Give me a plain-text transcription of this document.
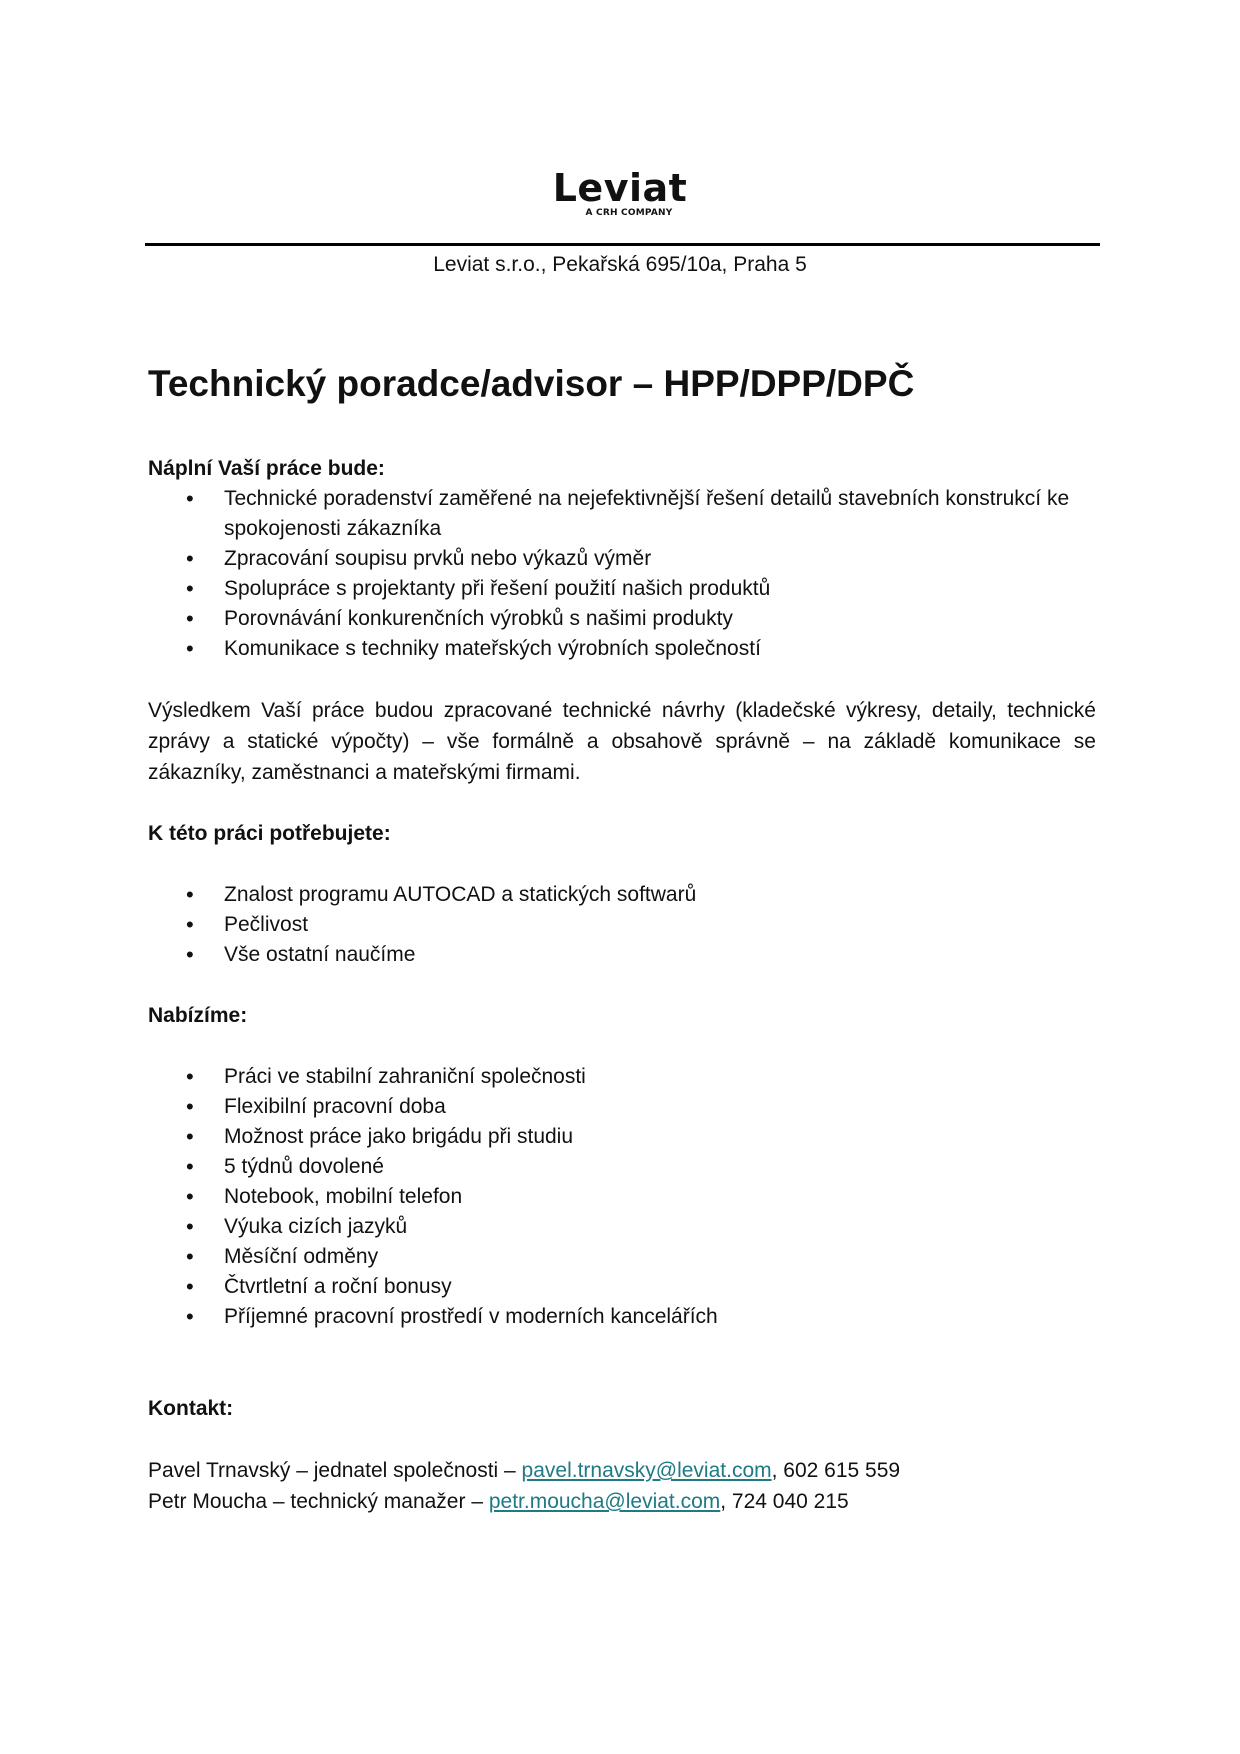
Leviat
A CRH COMPANY
Leviat s.r.o., Pekařská 695/10a, Praha 5
Technický poradce/advisor – HPP/DPP/DPČ

Náplní Vaší práce bude:

• Technické poradenství zaměřené na nejefektivnější řešení detailů stavebních konstrukcí ke spokojenosti zákazníka
• Zpracování soupisu prvků nebo výkazů výměr
• Spolupráce s projektanty při řešení použití našich produktů
• Porovnávání konkurenčních výrobků s našimi produkty
• Komunikace s techniky mateřských výrobních společností

Výsledkem Vaší práce budou zpracované technické návrhy (kladečské výkresy, detaily, technické zprávy a statické výpočty) – vše formálně a obsahově správně – na základě komunikace se zákazníky, zaměstnanci a mateřskými firmami.

K této práci potřebujete:

• Znalost programu AUTOCAD a statických softwarů
• Pečlivost
• Vše ostatní naučíme

Nabízíme:

• Práci ve stabilní zahraniční společnosti
• Flexibilní pracovní doba
• Možnost práce jako brigádu při studiu
• 5 týdnů dovolené
• Notebook, mobilní telefon
• Výuka cizích jazyků
• Měsíční odměny
• Čtvrtletní a roční bonusy
• Příjemné pracovní prostředí v moderních kancelářích

Kontakt:

Pavel Trnavský – jednatel společnosti – pavel.trnavsky@leviat.com, 602 615 559
Petr Moucha – technický manažer – petr.moucha@leviat.com, 724 040 215
